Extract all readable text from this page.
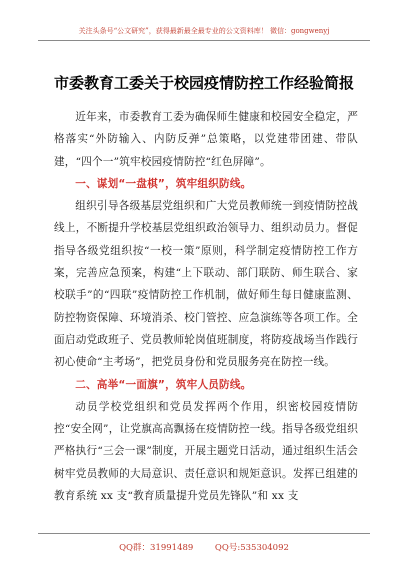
关注头条号“公文研究”，获得最新最全最专业的公文资料库！ 微信：gongwenyj
市委教育工委关于校园疫情防控工作经验简报

近年来，市委教育工委为确保师生健康和校园安全稳定，严格落实“外防输入、内防反弹”总策略，以党建带团建、带队建，“四个一”筑牢校园疫情防控“红色屏障”。

一、谋划“一盘棋”，筑牢组织防线。

组织引导各级基层党组织和广大党员教师统一到疫情防控战线上，不断提升学校基层党组织政治领导力、组织动员力。督促指导各级党组织按“一校一策”原则，科学制定疫情防控工作方案，完善应急预案，构建“上下联动、部门联防、师生联合、家校联手”的“四联”疫情防控工作机制，做好师生每日健康监测、防控物资保障、环境消杀、校门管控、应急演练等各项工作。全面启动党政班子、党员教师轮岗值班制度，将防疫战场当作践行初心使命“主考场”，把党员身份和党员服务亮在防控一线。

二、高举“一面旗”，筑牢人员防线。

动员学校党组织和党员发挥两个作用，织密校园疫情防控“安全网”，让党旗高高飘扬在疫情防控一线。指导各级党组织严格执行“三会一课”制度，开展主题党日活动，通过组织生活会树牢党员教师的大局意识、责任意识和规矩意识。发挥已组建的教育系统 xx 支“教育质量提升党员先锋队”和 xx 支

QQ群：31991489	QQ号:535304092
